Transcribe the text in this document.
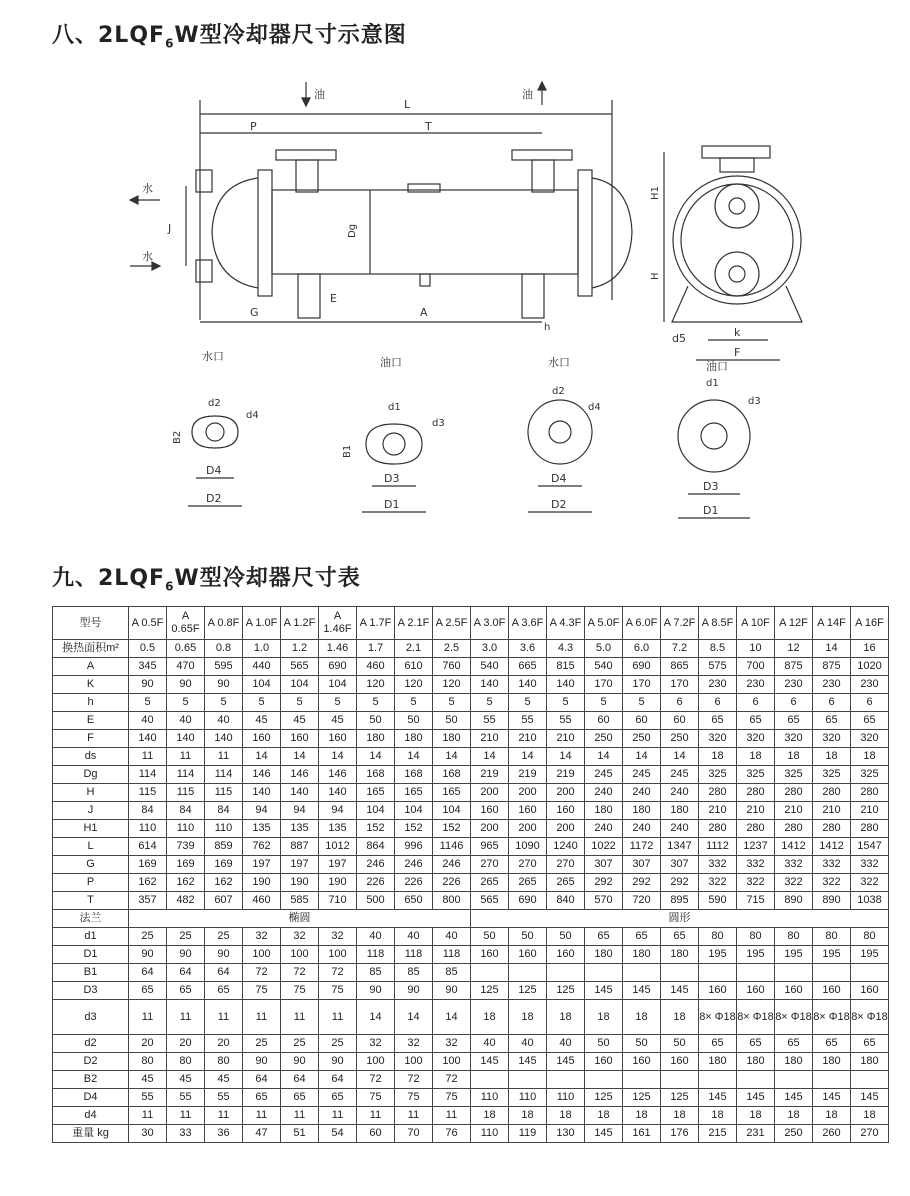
八、$2LQF_6W$型冷却器尺寸示意图
油	油
L
P	T
J
水
水
Dg
G
E
A
h
H1
H
d5	k
F
油口
水口	油口	水口
d2
d4
B2
D4
D2
d1
d3
B1
D3
D1
d2
d4
D4
D2
d1
d3
D3
D1
九、$2LQF_6W$型冷却器尺寸表
型号	A 0.5F	A 0.65F	A 0.8F	A 1.0F	A 1.2F	A 1.46F	A 1.7F	A 2.1F	A 2.5F	A 3.0F	A 3.6F	A 4.3F	A 5.0F	A 6.0F	A 7.2F	A 8.5F	A 10F	A 12F	A 14F	A 16F
换热面积m²	0.5	0.65	0.8	1.0	1.2	1.46	1.7	2.1	2.5	3.0	3.6	4.3	5.0	6.0	7.2	8.5	10	12	14	16
A	345	470	595	440	565	690	460	610	760	540	665	815	540	690	865	575	700	875	875	1020
K	90	90	90	104	104	104	120	120	120	140	140	140	170	170	170	230	230	230	230	230
h	5	5	5	5	5	5	5	5	5	5	5	5	5	5	6	6	6	6	6	6
E	40	40	40	45	45	45	50	50	50	55	55	55	60	60	60	65	65	65	65	65
F	140	140	140	160	160	160	180	180	180	210	210	210	250	250	250	320	320	320	320	320
ds	11	11	11	14	14	14	14	14	14	14	14	14	14	14	14	18	18	18	18	18
Dg	114	114	114	146	146	146	168	168	168	219	219	219	245	245	245	325	325	325	325	325
H	115	115	115	140	140	140	165	165	165	200	200	200	240	240	240	280	280	280	280	280
J	84	84	84	94	94	94	104	104	104	160	160	160	180	180	180	210	210	210	210	210
H1	110	110	110	135	135	135	152	152	152	200	200	200	240	240	240	280	280	280	280	280
L	614	739	859	762	887	1012	864	996	1146	965	1090	1240	1022	1172	1347	1112	1237	1412	1412	1547
G	169	169	169	197	197	197	246	246	246	270	270	270	307	307	307	332	332	332	332	332
P	162	162	162	190	190	190	226	226	226	265	265	265	292	292	292	322	322	322	322	322
T	357	482	607	460	585	710	500	650	800	565	690	840	570	720	895	590	715	890	890	1038
法兰	椭圆									圆形										
d1	25	25	25	32	32	32	40	40	40	50	50	50	65	65	65	80	80	80	80	80
D1	90	90	90	100	100	100	118	118	118	160	160	160	180	180	180	195	195	195	195	195
B1	64	64	64	72	72	72	85	85	85											
D3	65	65	65	75	75	75	90	90	90	125	125	125	145	145	145	160	160	160	160	160
d3	11	11	11	11	11	11	14	14	14	18	18	18	18	18	18	8× Φ18	8× Φ18	8× Φ18	8× Φ18	8× Φ18
d2	20	20	20	25	25	25	32	32	32	40	40	40	50	50	50	65	65	65	65	65
D2	80	80	80	90	90	90	100	100	100	145	145	145	160	160	160	180	180	180	180	180
B2	45	45	45	64	64	64	72	72	72											
D4	55	55	55	65	65	65	75	75	75	110	110	110	125	125	125	145	145	145	145	145
d4	11	11	11	11	11	11	11	11	11	18	18	18	18	18	18	18	18	18	18	18
重量 kg	30	33	36	47	51	54	60	70	76	110	119	130	145	161	176	215	231	250	260	270
